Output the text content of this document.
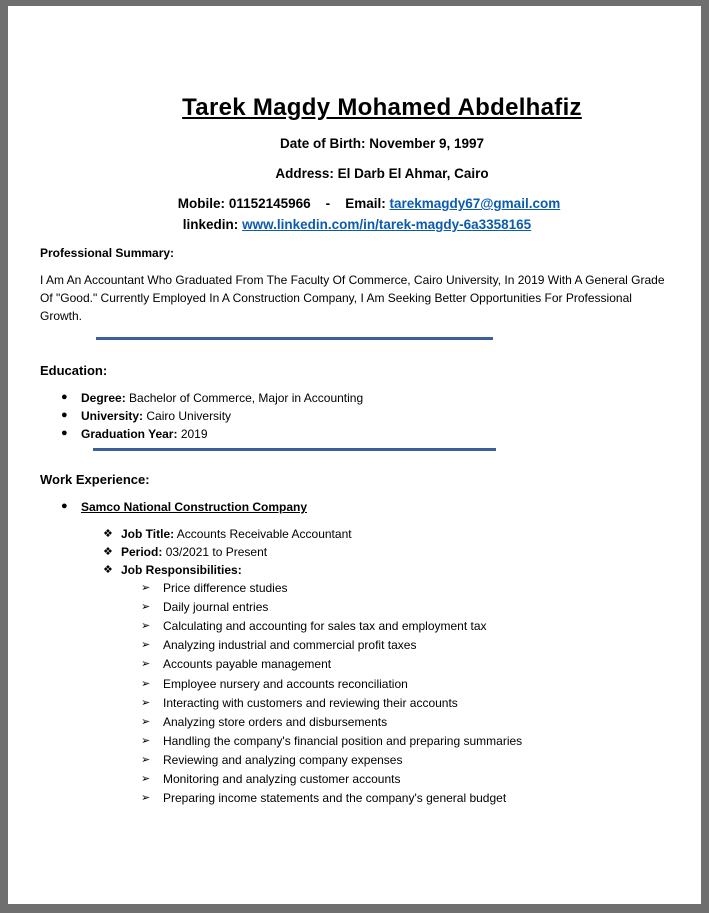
Tarek Magdy Mohamed Abdelhafiz
Date of Birth: November 9, 1997
Address: El Darb El Ahmar, Cairo
Mobile: 01152145966 - Email: tarekmagdy67@gmail.com
linkedin: www.linkedin.com/in/tarek-magdy-6a3358165
Professional Summary:
I Am An Accountant Who Graduated From The Faculty Of Commerce, Cairo University, In 2019 With A General Grade Of "Good." Currently Employed In A Construction Company, I Am Seeking Better Opportunities For Professional Growth.
Education:
● Degree: Bachelor of Commerce, Major in Accounting
● University: Cairo University
● Graduation Year: 2019
Work Experience:
● Samco National Construction Company
❖ Job Title: Accounts Receivable Accountant
❖ Period: 03/2021 to Present
❖ Job Responsibilities:
➢ Price difference studies
➢ Daily journal entries
➢ Calculating and accounting for sales tax and employment tax
➢ Analyzing industrial and commercial profit taxes
➢ Accounts payable management
➢ Employee nursery and accounts reconciliation
➢ Interacting with customers and reviewing their accounts
➢ Analyzing store orders and disbursements
➢ Handling the company's financial position and preparing summaries
➢ Reviewing and analyzing company expenses
➢ Monitoring and analyzing customer accounts
➢ Preparing income statements and the company's general budget
